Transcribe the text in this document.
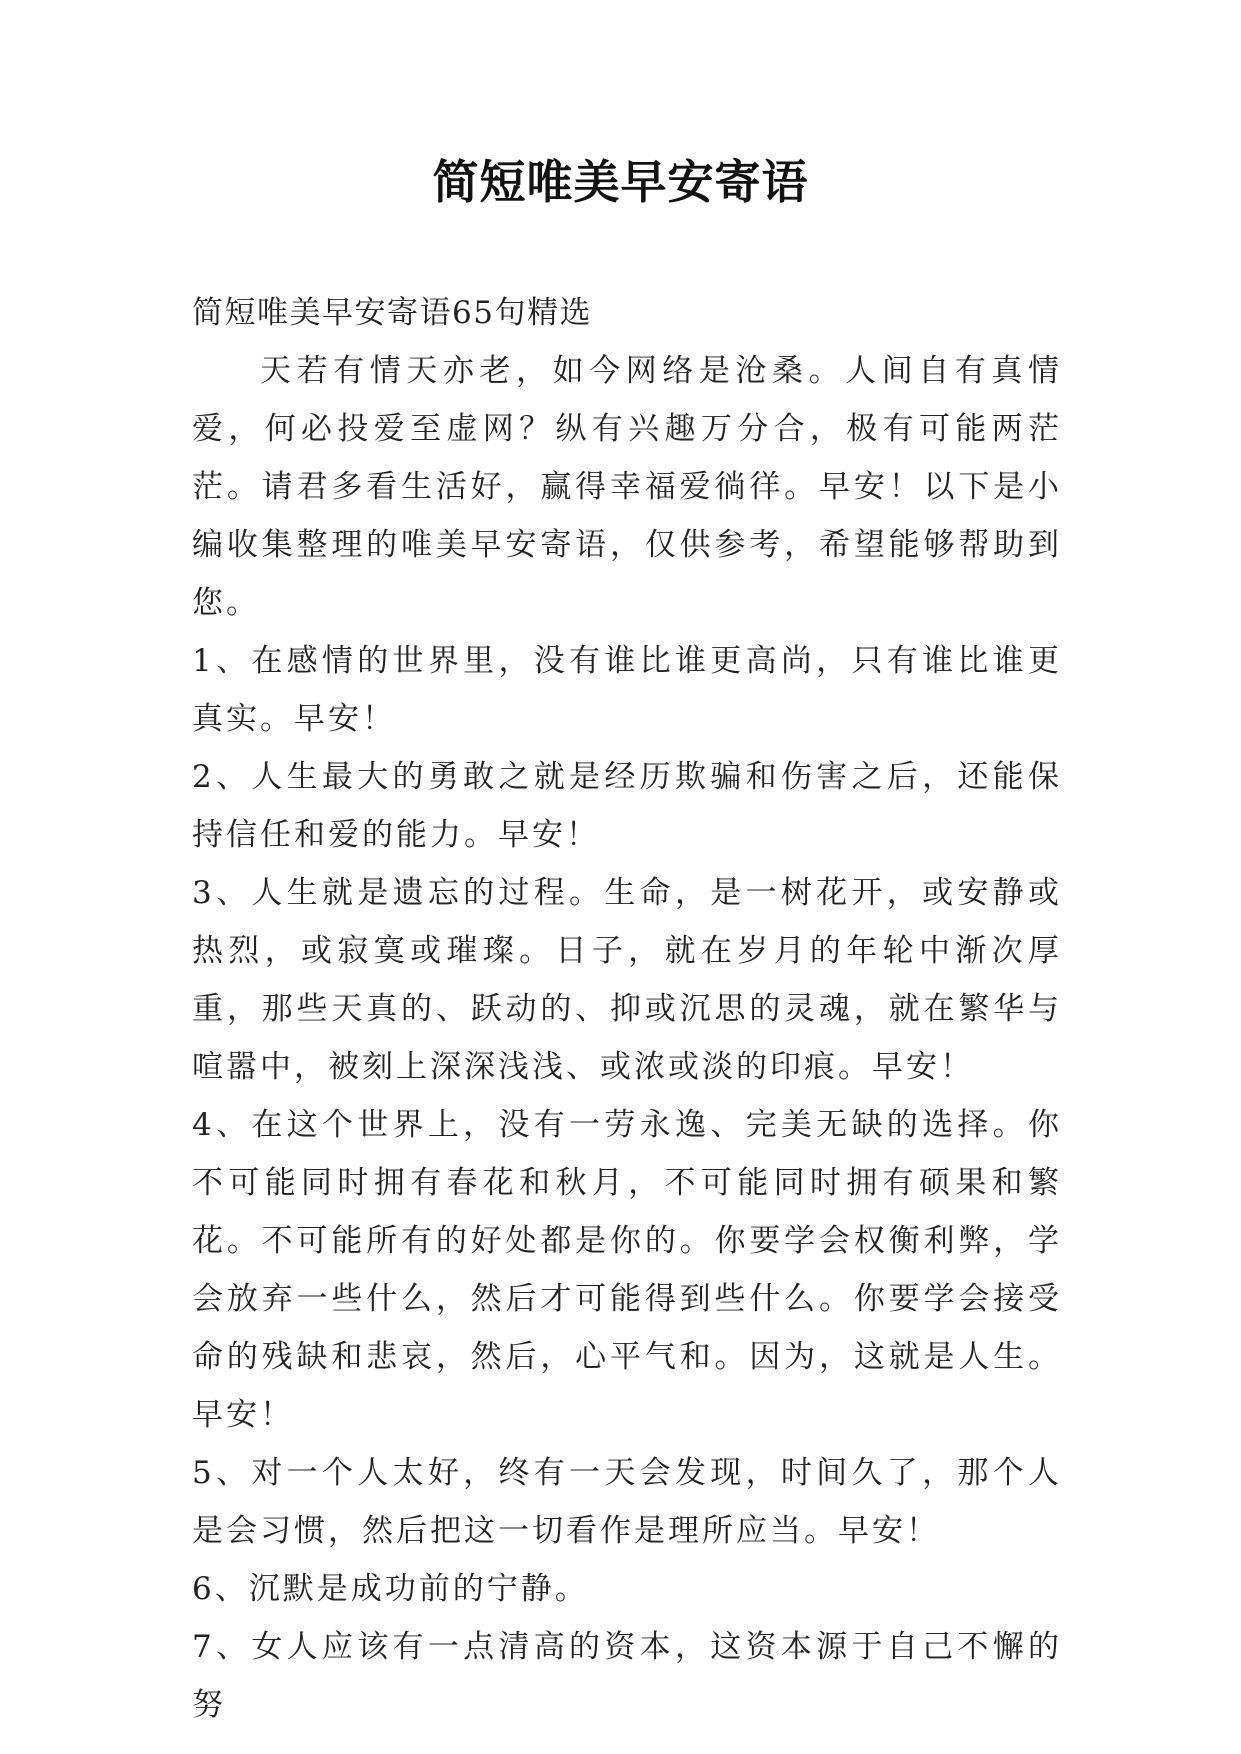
简短唯美早安寄语

简短唯美早安寄语65句精选

天若有情天亦老，如今网络是沧桑。人间自有真情爱，何必投爱至虚网？纵有兴趣万分合，极有可能两茫茫。请君多看生活好，赢得幸福爱徜徉。早安！以下是小编收集整理的唯美早安寄语，仅供参考，希望能够帮助到您。

1、在感情的世界里，没有谁比谁更高尚，只有谁比谁更真实。早安！

2、人生最大的勇敢之就是经历欺骗和伤害之后，还能保持信任和爱的能力。早安！

3、人生就是遗忘的过程。生命，是一树花开，或安静或热烈，或寂寞或璀璨。日子，就在岁月的年轮中渐次厚重，那些天真的、跃动的、抑或沉思的灵魂，就在繁华与喧嚣中，被刻上深深浅浅、或浓或淡的印痕。早安！

4、在这个世界上，没有一劳永逸、完美无缺的选择。你不可能同时拥有春花和秋月，不可能同时拥有硕果和繁花。不可能所有的好处都是你的。你要学会权衡利弊，学会放弃一些什么，然后才可能得到些什么。你要学会接受命的残缺和悲哀，然后，心平气和。因为，这就是人生。早安！

5、对一个人太好，终有一天会发现，时间久了，那个人是会习惯，然后把这一切看作是理所应当。早安！

6、沉默是成功前的宁静。

7、女人应该有一点清高的资本，这资本源于自己不懈的努
